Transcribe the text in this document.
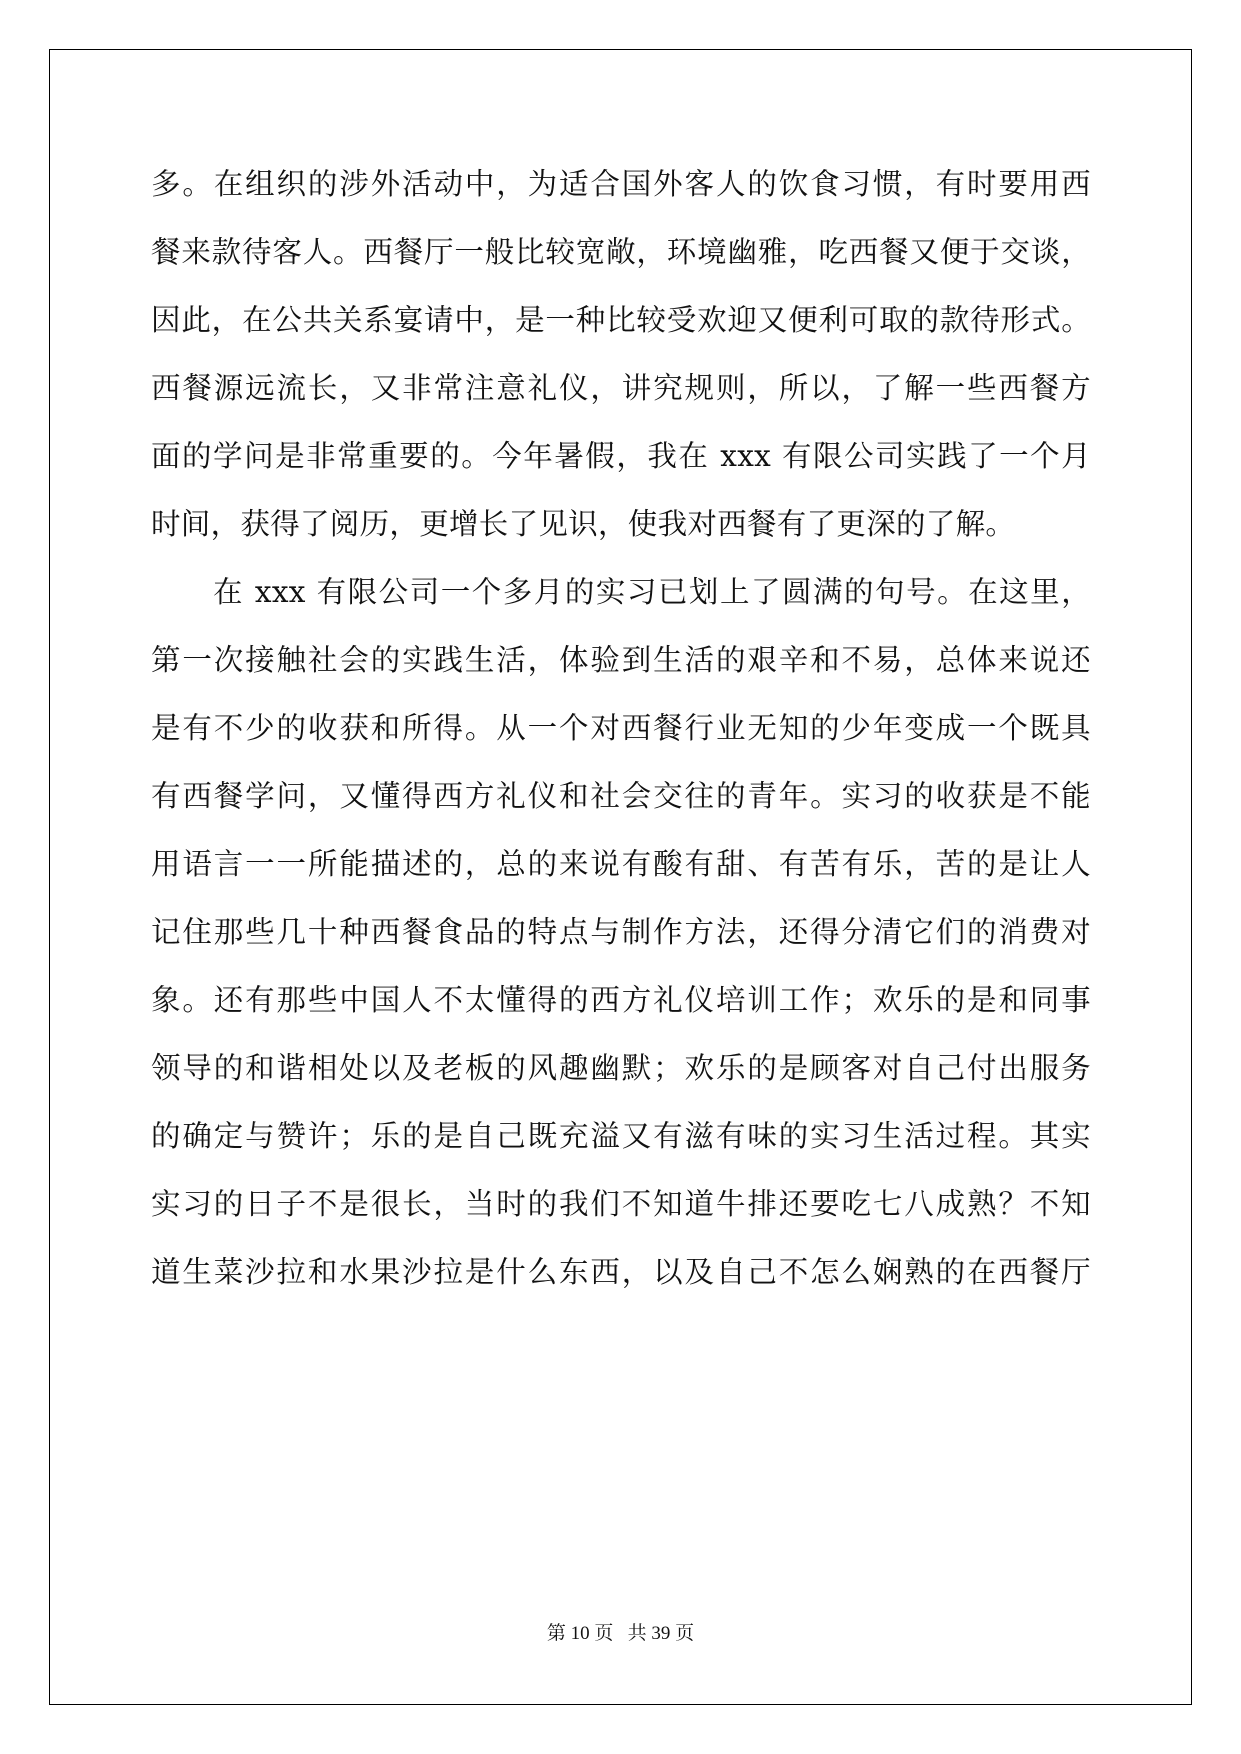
多。在组织的涉外活动中，为适合国外客人的饮食习惯，有时要用西
餐来款待客人。西餐厅一般比较宽敞，环境幽雅，吃西餐又便于交谈，
因此，在公共关系宴请中，是一种比较受欢迎又便利可取的款待形式。
西餐源远流长，又非常注意礼仪，讲究规则，所以，了解一些西餐方
面的学问是非常重要的。今年暑假，我在 xxx 有限公司实践了一个月
时间，获得了阅历，更增长了见识，使我对西餐有了更深的了解。
在 xxx 有限公司一个多月的实习已划上了圆满的句号。在这里，
第一次接触社会的实践生活，体验到生活的艰辛和不易，总体来说还
是有不少的收获和所得。从一个对西餐行业无知的少年变成一个既具
有西餐学问，又懂得西方礼仪和社会交往的青年。实习的收获是不能
用语言一一所能描述的，总的来说有酸有甜、有苦有乐，苦的是让人
记住那些几十种西餐食品的特点与制作方法，还得分清它们的消费对
象。还有那些中国人不太懂得的西方礼仪培训工作；欢乐的是和同事
领导的和谐相处以及老板的风趣幽默；欢乐的是顾客对自己付出服务
的确定与赞许；乐的是自己既充溢又有滋有味的实习生活过程。其实
实习的日子不是很长，当时的我们不知道牛排还要吃七八成熟？不知
道生菜沙拉和水果沙拉是什么东西，以及自己不怎么娴熟的在西餐厅
第 10 页 共 39 页
